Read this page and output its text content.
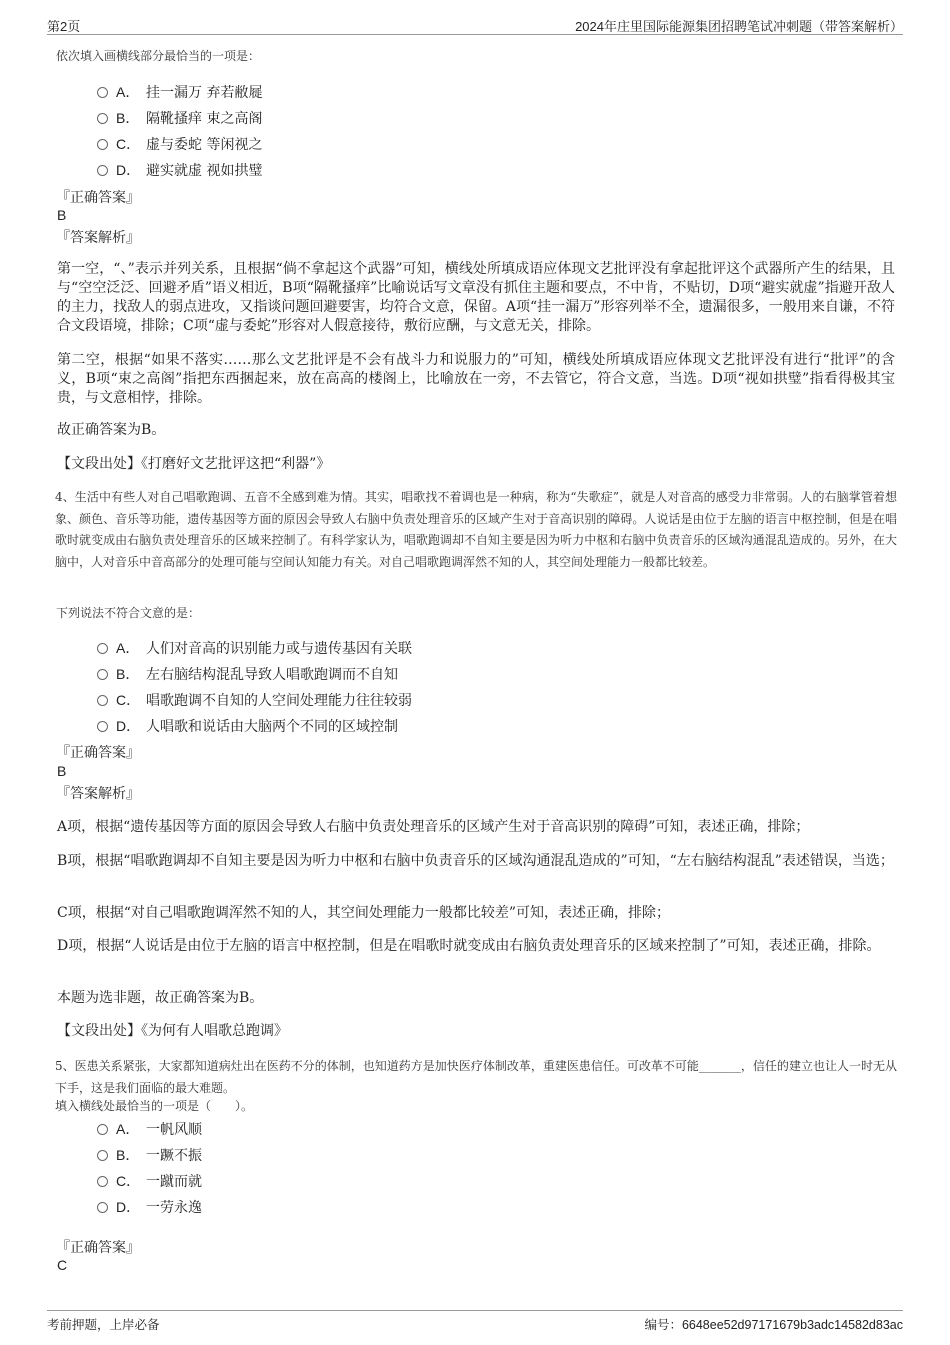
第2页	2024年庄里国际能源集团招聘笔试冲刺题（带答案解析）
依次填入画横线部分最恰当的一项是：
A． 挂一漏万 弃若敝屣
B． 隔靴搔痒 束之高阁
C． 虚与委蛇 等闲视之
D． 避实就虚 视如拱璧
『正确答案』
B
『答案解析』
第一空，“、”表示并列关系，且根据“倘不拿起这个武器”可知，横线处所填成语应体现文艺批评没有拿起批评这个武器所产生的结果，且与“空空泛泛、回避矛盾”语义相近，B项“隔靴搔痒”比喻说话写文章没有抓住主题和要点，不中肯，不贴切，D项“避实就虚”指避开敌人的主力，找敌人的弱点进攻，又指谈问题回避要害，均符合文意，保留。A项“挂一漏万”形容列举不全，遗漏很多，一般用来自谦，不符合文段语境，排除；C项“虚与委蛇”形容对人假意接待，敷衍应酬，与文意无关，排除。
第二空，根据“如果不落实……那么文艺批评是不会有战斗力和说服力的”可知，横线处所填成语应体现文艺批评没有进行“批评”的含义，B项“束之高阁”指把东西捆起来，放在高高的楼阁上，比喻放在一旁，不去管它，符合文意，当选。D项“视如拱璧”指看得极其宝贵，与文意相悖，排除。
故正确答案为B。
【文段出处】《打磨好文艺批评这把“利器”》
4、生活中有些人对自己唱歌跑调、五音不全感到难为情。其实，唱歌找不着调也是一种病，称为“失歌症”，就是人对音高的感受力非常弱。人的右脑掌管着想象、颜色、音乐等功能，遗传基因等方面的原因会导致人右脑中负责处理音乐的区域产生对于音高识别的障碍。人说话是由位于左脑的语言中枢控制，但是在唱歌时就变成由右脑负责处理音乐的区域来控制了。有科学家认为，唱歌跑调却不自知主要是因为听力中枢和右脑中负责音乐的区域沟通混乱造成的。另外，在大脑中，人对音乐中音高部分的处理可能与空间认知能力有关。对自己唱歌跑调浑然不知的人，其空间处理能力一般都比较差。
下列说法不符合文意的是：
A． 人们对音高的识别能力或与遗传基因有关联
B． 左右脑结构混乱导致人唱歌跑调而不自知
C． 唱歌跑调不自知的人空间处理能力往往较弱
D． 人唱歌和说话由大脑两个不同的区域控制
『正确答案』
B
『答案解析』
A项，根据“遗传基因等方面的原因会导致人右脑中负责处理音乐的区域产生对于音高识别的障碍”可知，表述正确，排除；
B项，根据“唱歌跑调却不自知主要是因为听力中枢和右脑中负责音乐的区域沟通混乱造成的”可知，“左右脑结构混乱”表述错误，当选；
C项，根据“对自己唱歌跑调浑然不知的人，其空间处理能力一般都比较差”可知，表述正确，排除；
D项，根据“人说话是由位于左脑的语言中枢控制，但是在唱歌时就变成由右脑负责处理音乐的区域来控制了”可知，表述正确，排除。
本题为选非题，故正确答案为B。
【文段出处】《为何有人唱歌总跑调》
5、医患关系紧张，大家都知道病灶出在医药不分的体制，也知道药方是加快医疗体制改革，重建医患信任。可改革不可能_______，信任的建立也让人一时无从下手，这是我们面临的最大难题。
填入横线处最恰当的一项是（　　）。
A． 一帆风顺
B． 一蹶不振
C． 一蹴而就
D． 一劳永逸
『正确答案』
C
考前押题，上岸必备	编号：6648ee52d97171679b3adc14582d83ac
